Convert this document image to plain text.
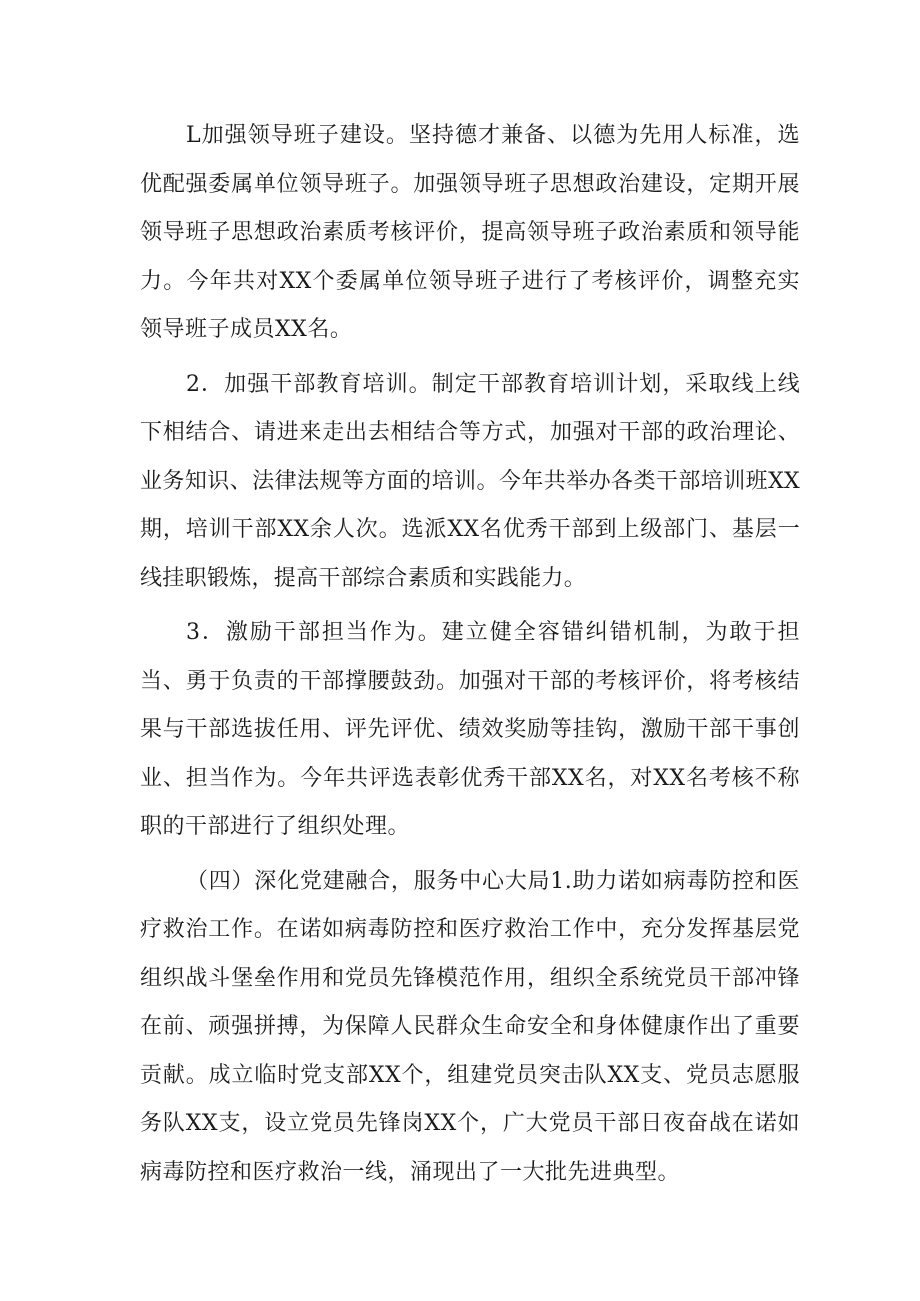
L加强领导班子建设。坚持德才兼备、以德为先用人标准，选优配强委属单位领导班子。加强领导班子思想政治建设，定期开展领导班子思想政治素质考核评价，提高领导班子政治素质和领导能力。今年共对XX个委属单位领导班子进行了考核评价，调整充实领导班子成员XX名。

2．加强干部教育培训。制定干部教育培训计划，采取线上线下相结合、请进来走出去相结合等方式，加强对干部的政治理论、业务知识、法律法规等方面的培训。今年共举办各类干部培训班XX期，培训干部XX余人次。选派XX名优秀干部到上级部门、基层一线挂职锻炼，提高干部综合素质和实践能力。

3．激励干部担当作为。建立健全容错纠错机制，为敢于担当、勇于负责的干部撑腰鼓劲。加强对干部的考核评价，将考核结果与干部选拔任用、评先评优、绩效奖励等挂钩，激励干部干事创业、担当作为。今年共评选表彰优秀干部XX名，对XX名考核不称职的干部进行了组织处理。

（四）深化党建融合，服务中心大局1.助力诺如病毒防控和医疗救治工作。在诺如病毒防控和医疗救治工作中，充分发挥基层党组织战斗堡垒作用和党员先锋模范作用，组织全系统党员干部冲锋在前、顽强拼搏，为保障人民群众生命安全和身体健康作出了重要贡献。成立临时党支部XX个，组建党员突击队XX支、党员志愿服务队XX支，设立党员先锋岗XX个，广大党员干部日夜奋战在诺如病毒防控和医疗救治一线，涌现出了一大批先进典型。
